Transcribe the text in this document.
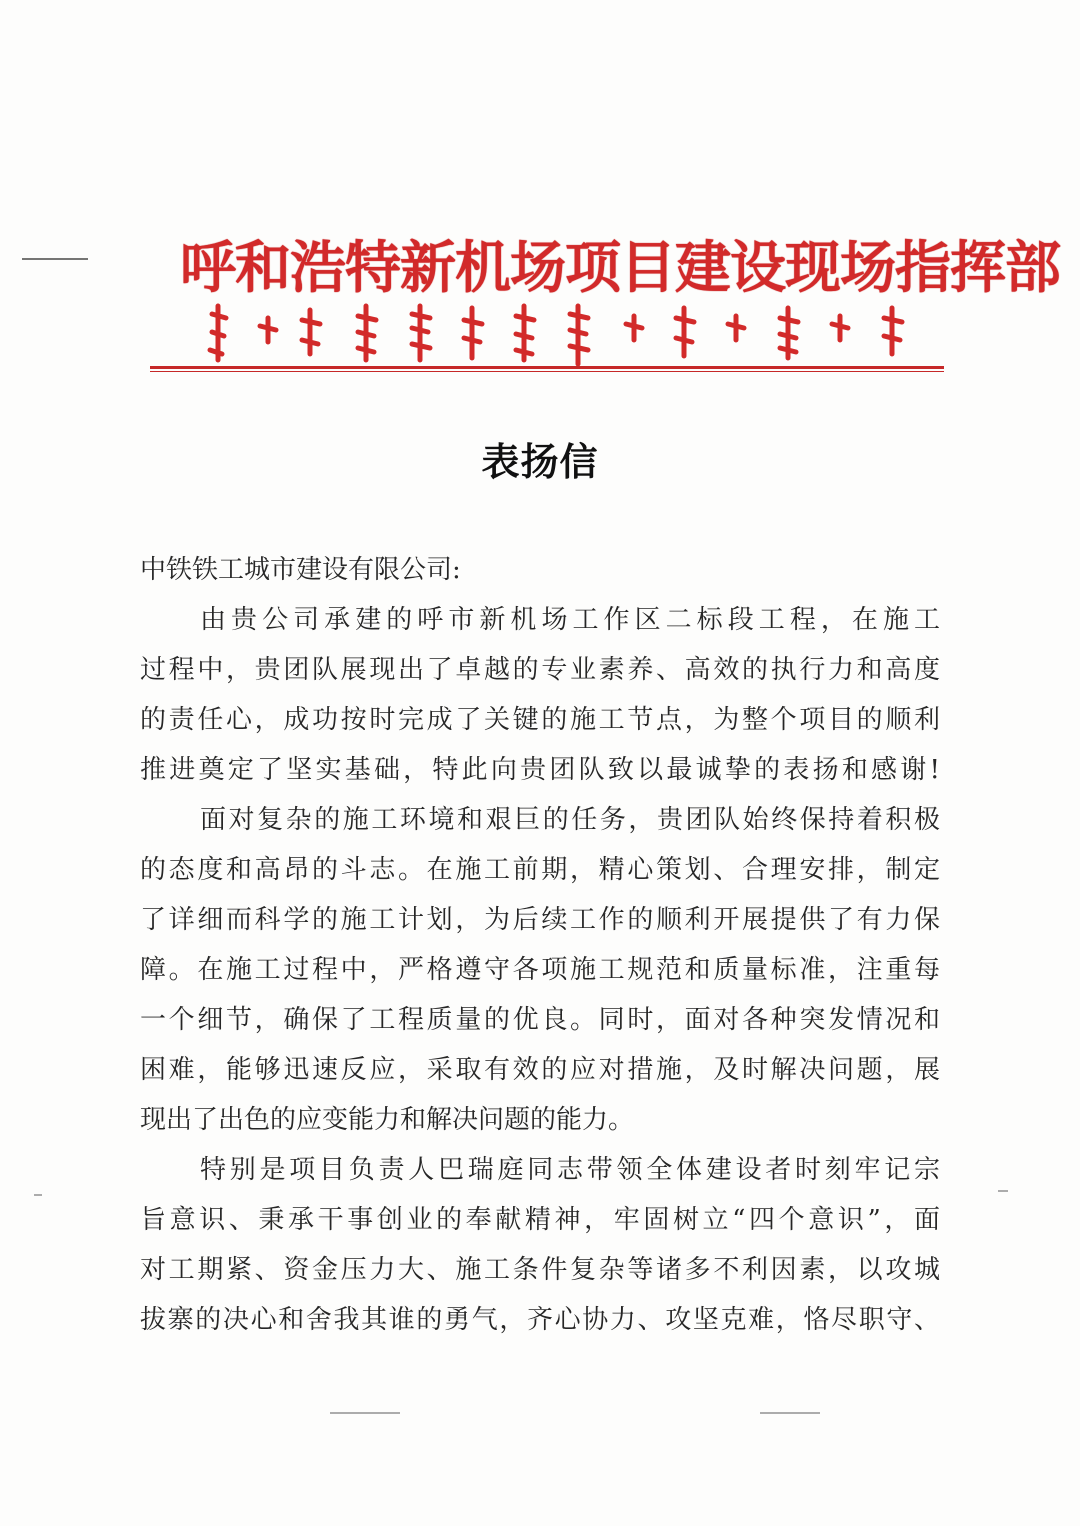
呼和浩特新机场项目建设现场指挥部
表扬信
中铁铁工城市建设有限公司:
由贵公司承建的呼市新机场工作区二标段工程，在施工
过程中，贵团队展现出了卓越的专业素养、高效的执行力和高度
的责任心，成功按时完成了关键的施工节点，为整个项目的顺利
推进奠定了坚实基础，特此向贵团队致以最诚挚的表扬和感谢!
面对复杂的施工环境和艰巨的任务，贵团队始终保持着积极
的态度和高昂的斗志。在施工前期，精心策划、合理安排，制定
了详细而科学的施工计划，为后续工作的顺利开展提供了有力保
障。在施工过程中，严格遵守各项施工规范和质量标准，注重每
一个细节，确保了工程质量的优良。同时，面对各种突发情况和
困难，能够迅速反应，采取有效的应对措施，及时解决问题，展
现出了出色的应变能力和解决问题的能力。
特别是项目负责人巴瑞庭同志带领全体建设者时刻牢记宗
旨意识、秉承干事创业的奉献精神，牢固树立“四个意识”，面
对工期紧、资金压力大、施工条件复杂等诸多不利因素，以攻城
拔寨的决心和舍我其谁的勇气，齐心协力、攻坚克难，恪尽职守、
